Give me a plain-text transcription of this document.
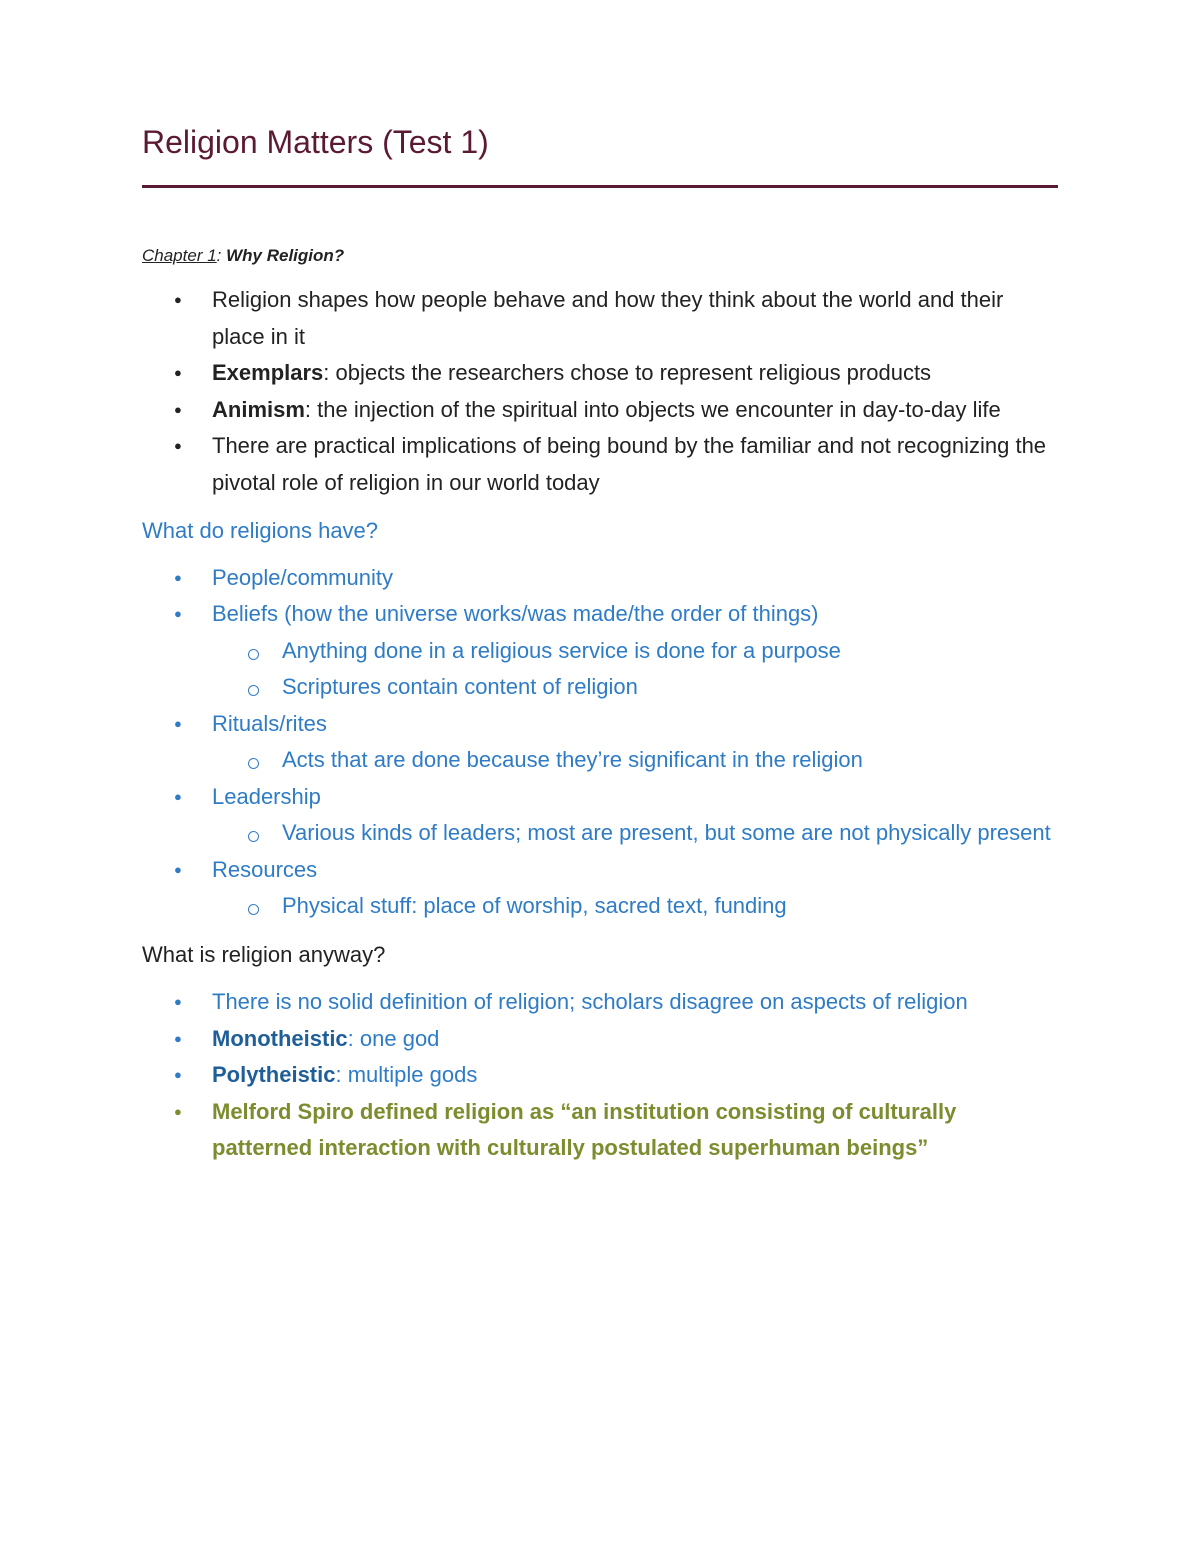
Religion Matters (Test 1)
Chapter 1: Why Religion?
● Religion shapes how people behave and how they think about the world and their place in it
● Exemplars: objects the researchers chose to represent religious products
● Animism: the injection of the spiritual into objects we encounter in day-to-day life
● There are practical implications of being bound by the familiar and not recognizing the pivotal role of religion in our world today

What do religions have?

● People/community
● Beliefs (how the universe works/was made/the order of things)
Anything done in a religious service is done for a purpose
Scriptures contain content of religion
● Rituals/rites
Acts that are done because they’re significant in the religion
● Leadership
Various kinds of leaders; most are present, but some are not physically present
● Resources
Physical stuff: place of worship, sacred text, funding

What is religion anyway?

● There is no solid definition of religion; scholars disagree on aspects of religion
● Monotheistic: one god
● Polytheistic: multiple gods
● Melford Spiro defined religion as “an institution consisting of culturally patterned interaction with culturally postulated superhuman beings”
